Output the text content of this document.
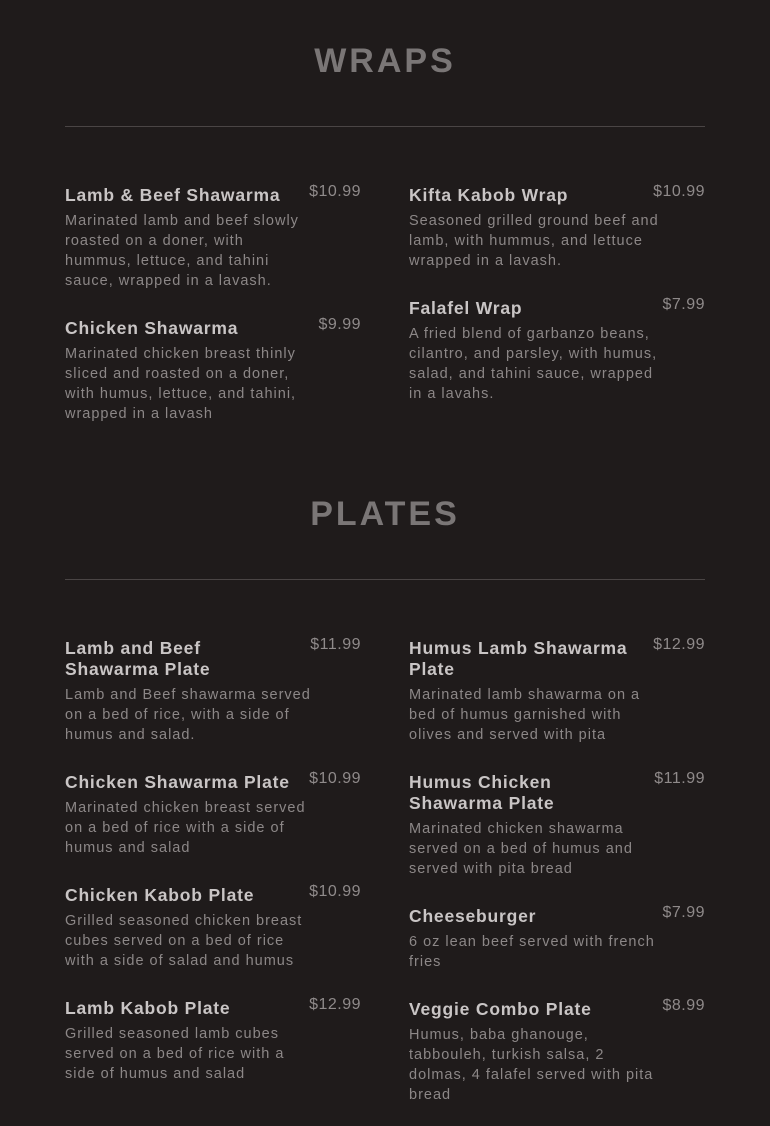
WRAPS
Lamb & Beef Shawarma	$10.99
Marinated lamb and beef slowly roasted on a doner, with hummus, lettuce, and tahini sauce, wrapped in a lavash.
Chicken Shawarma	$9.99
Marinated chicken breast thinly sliced and roasted on a doner, with humus, lettuce, and tahini, wrapped in a lavash
Kifta Kabob Wrap	$10.99
Seasoned grilled ground beef and lamb, with hummus, and lettuce wrapped in a lavash.
Falafel Wrap	$7.99
A fried blend of garbanzo beans, cilantro, and parsley, with humus, salad, and tahini sauce, wrapped in a lavahs.
PLATES
Lamb and Beef Shawarma Plate
$11.99
Lamb and Beef shawarma served on a bed of rice, with a side of humus and salad.
Chicken Shawarma Plate	$10.99
Marinated chicken breast served on a bed of rice with a side of humus and salad
Chicken Kabob Plate	$10.99
Grilled seasoned chicken breast cubes served on a bed of rice with a side of salad and humus
Lamb Kabob Plate	$12.99
Grilled seasoned lamb cubes served on a bed of rice with a side of humus and salad
Humus Lamb Shawarma Plate
$12.99
Marinated lamb shawarma on a bed of humus garnished with olives and served with pita
Humus Chicken Shawarma Plate
$11.99
Marinated chicken shawarma served on a bed of humus and served with pita bread
Cheeseburger	$7.99
6 oz lean beef served with french fries
Veggie Combo Plate	$8.99
Humus, baba ghanouge, tabbouleh, turkish salsa, 2 dolmas, 4 falafel served with pita bread
